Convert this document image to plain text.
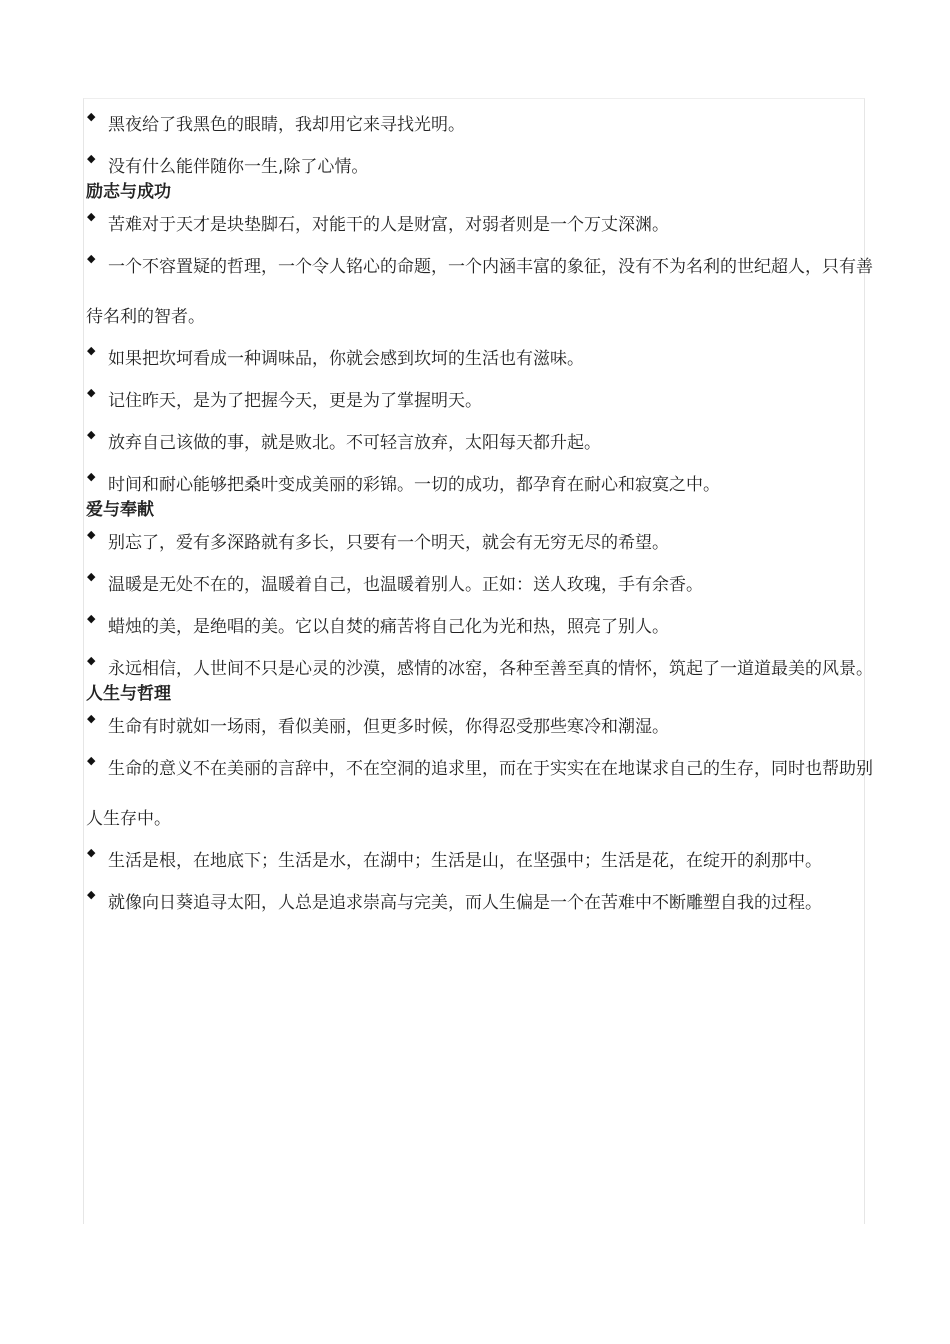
◆ 黑夜给了我黑色的眼睛，我却用它来寻找光明。

◆ 没有什么能伴随你一生,除了心情。

励志与成功

◆ 苦难对于天才是块垫脚石，对能干的人是财富，对弱者则是一个万丈深渊。

◆ 一个不容置疑的哲理，一个令人铭心的命题，一个内涵丰富的象征，没有不为名利的世纪超人，只有善待名利的智者。

◆ 如果把坎坷看成一种调味品，你就会感到坎坷的生活也有滋味。

◆ 记住昨天，是为了把握今天，更是为了掌握明天。

◆ 放弃自己该做的事，就是败北。不可轻言放弃，太阳每天都升起。

◆ 时间和耐心能够把桑叶变成美丽的彩锦。一切的成功，都孕育在耐心和寂寞之中。

爱与奉献

◆ 别忘了，爱有多深路就有多长，只要有一个明天，就会有无穷无尽的希望。

◆ 温暖是无处不在的，温暖着自己，也温暖着别人。正如：送人玫瑰，手有余香。

◆ 蜡烛的美，是绝唱的美。它以自焚的痛苦将自己化为光和热，照亮了别人。

◆ 永远相信，人世间不只是心灵的沙漠，感情的冰窑，各种至善至真的情怀，筑起了一道道最美的风景。

人生与哲理

◆ 生命有时就如一场雨，看似美丽，但更多时候，你得忍受那些寒冷和潮湿。

◆ 生命的意义不在美丽的言辞中，不在空洞的追求里，而在于实实在在地谋求自己的生存，同时也帮助别人生存中。

◆ 生活是根，在地底下；生活是水，在湖中；生活是山，在坚强中；生活是花，在绽开的刹那中。

◆ 就像向日葵追寻太阳，人总是追求崇高与完美，而人生偏是一个在苦难中不断雕塑自我的过程。
